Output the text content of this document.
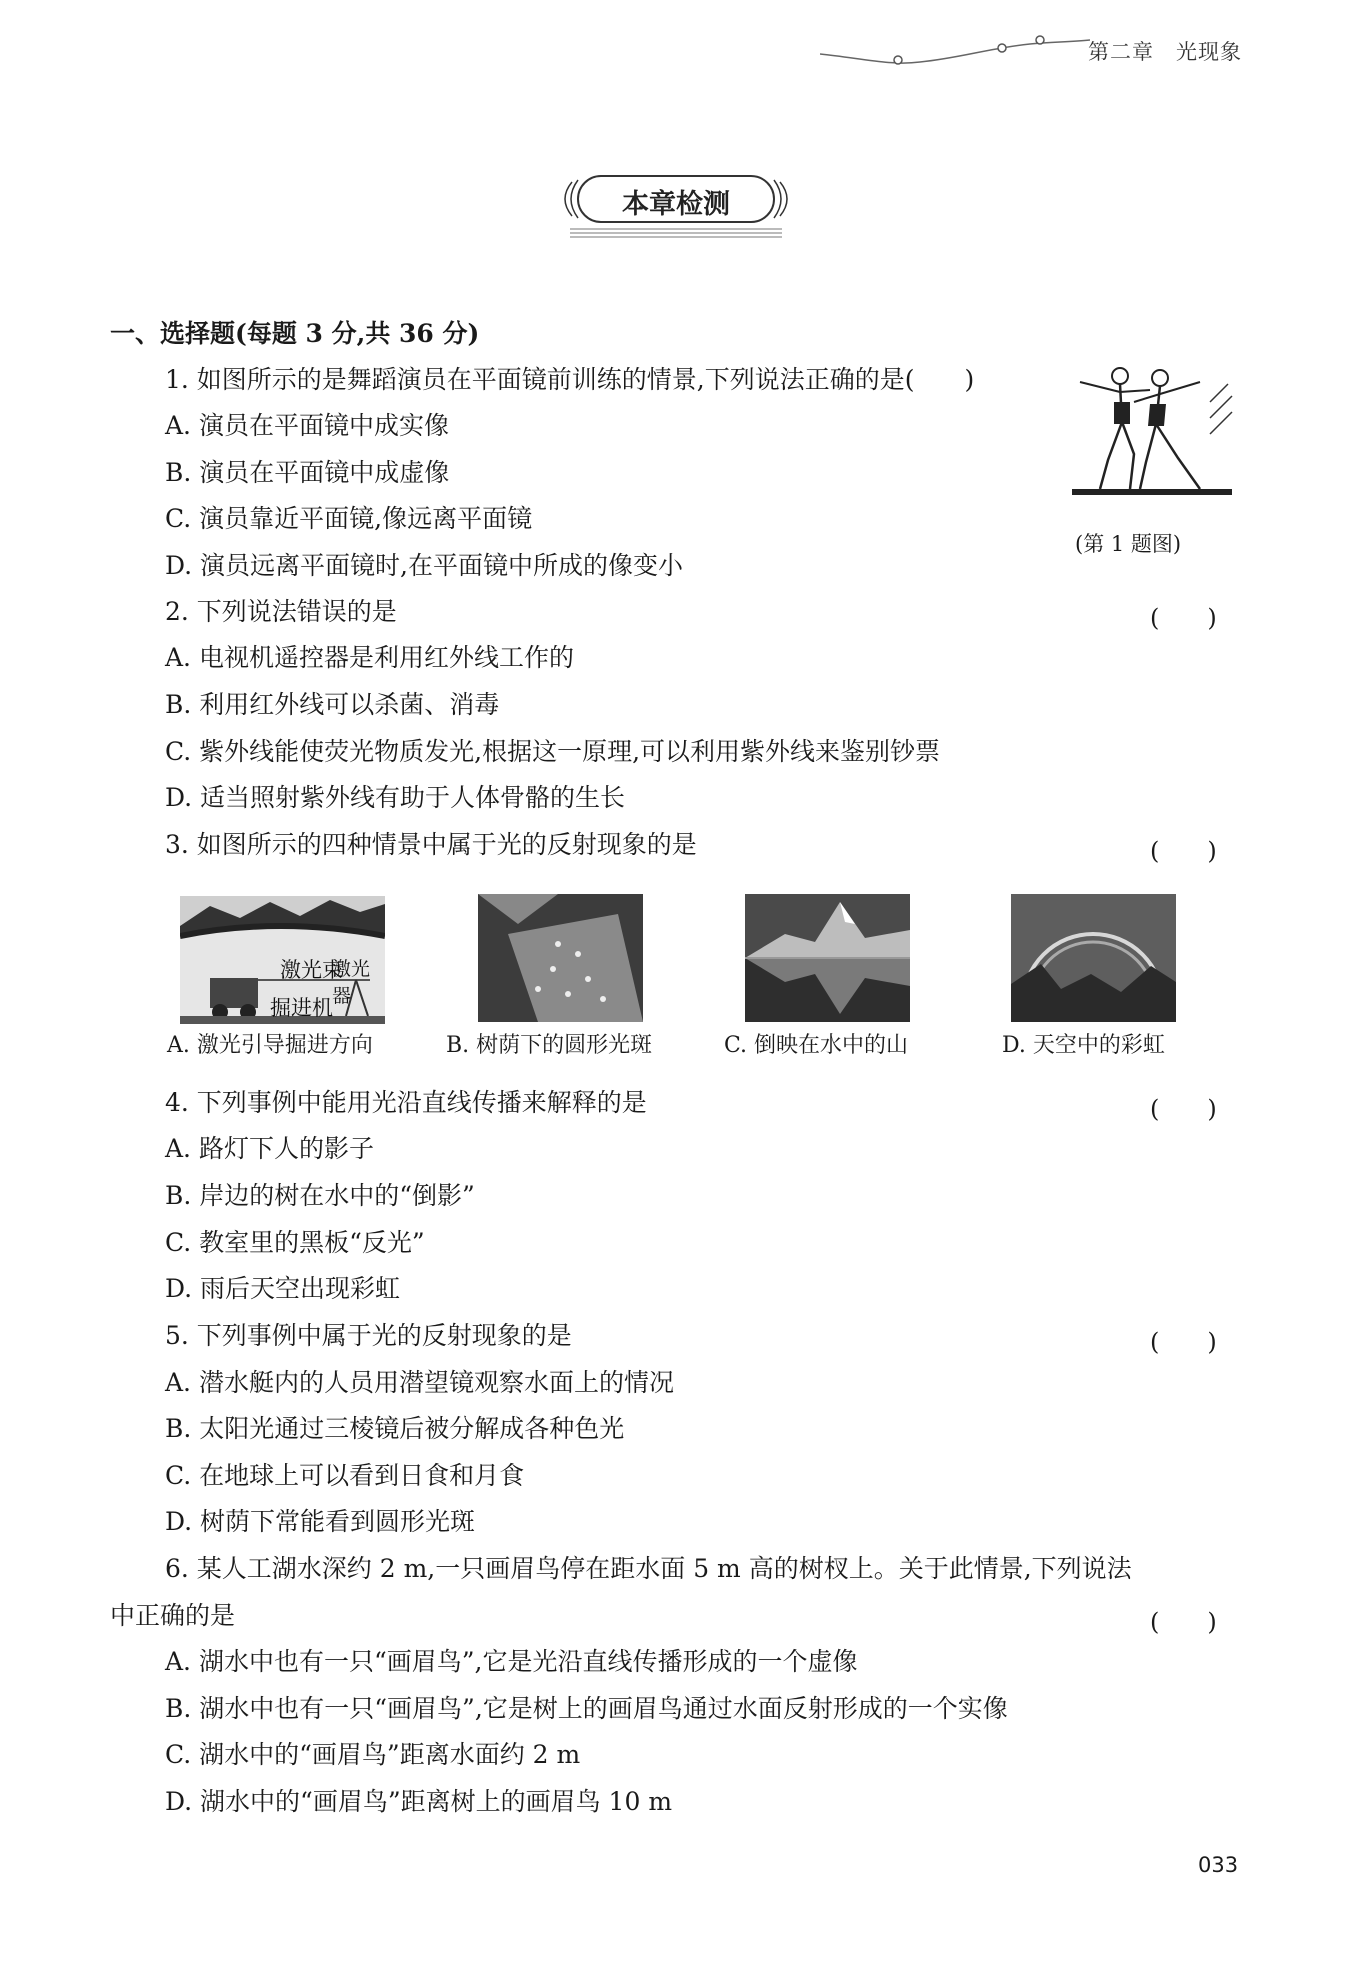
第二章　光现象
本章检测
一、选择题(每题 3 分,共 36 分)
1. 如图所示的是舞蹈演员在平面镜前训练的情景,下列说法正确的是(　　)
A. 演员在平面镜中成实像
B. 演员在平面镜中成虚像
C. 演员靠近平面镜,像远离平面镜
D. 演员远离平面镜时,在平面镜中所成的像变小
(第 1 题图)
2. 下列说法错误的是	(　　)
A. 电视机遥控器是利用红外线工作的
B. 利用红外线可以杀菌、消毒
C. 紫外线能使荧光物质发光,根据这一原理,可以利用紫外线来鉴别钞票
D. 适当照射紫外线有助于人体骨骼的生长
3. 如图所示的四种情景中属于光的反射现象的是	(　　)
激光束
激光器
掘进机
A. 激光引导掘进方向	B. 树荫下的圆形光斑	C. 倒映在水中的山	D. 天空中的彩虹
4. 下列事例中能用光沿直线传播来解释的是	(　　)
A. 路灯下人的影子
B. 岸边的树在水中的“倒影”
C. 教室里的黑板“反光”
D. 雨后天空出现彩虹
5. 下列事例中属于光的反射现象的是	(　　)
A. 潜水艇内的人员用潜望镜观察水面上的情况
B. 太阳光通过三棱镜后被分解成各种色光
C. 在地球上可以看到日食和月食
D. 树荫下常能看到圆形光斑
6. 某人工湖水深约 2 m,一只画眉鸟停在距水面 5 m 高的树杈上。关于此情景,下列说法
中正确的是	(　　)
A. 湖水中也有一只“画眉鸟”,它是光沿直线传播形成的一个虚像
B. 湖水中也有一只“画眉鸟”,它是树上的画眉鸟通过水面反射形成的一个实像
C. 湖水中的“画眉鸟”距离水面约 2 m
D. 湖水中的“画眉鸟”距离树上的画眉鸟 10 m
033
